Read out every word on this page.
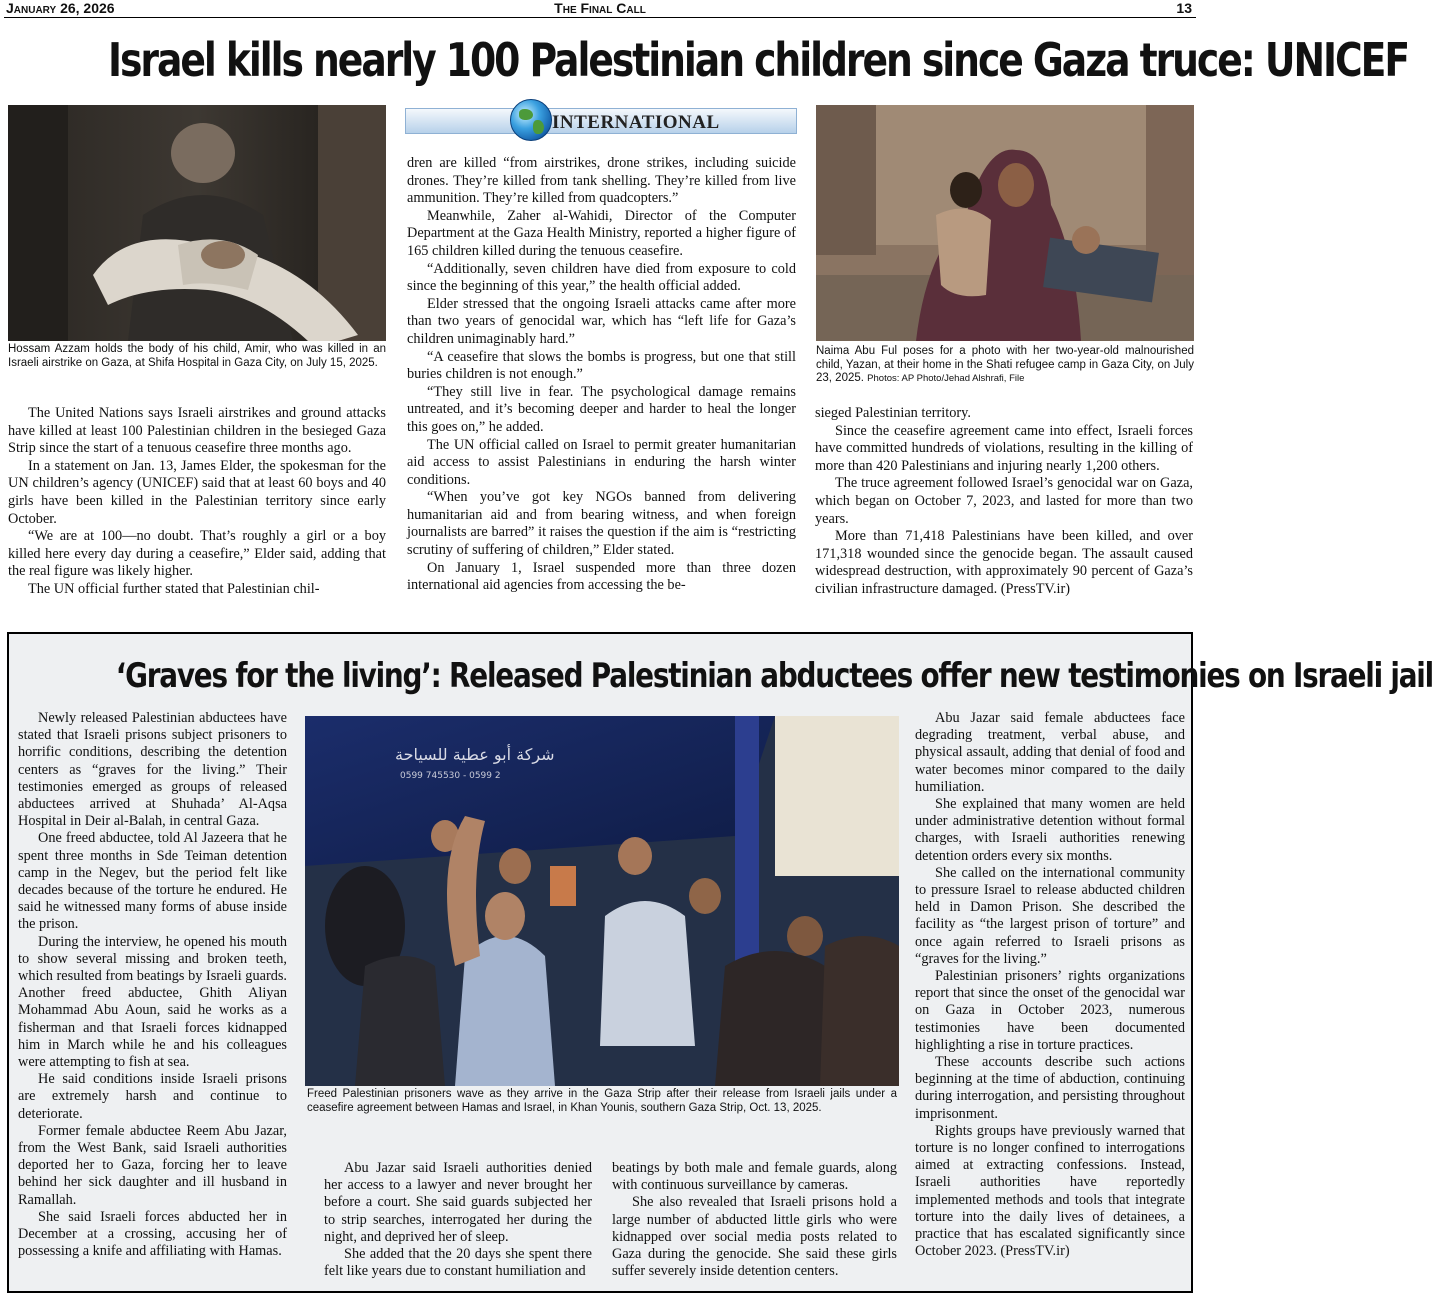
January 26, 2026	The Final Call	13
Israel kills nearly 100 Palestinian children since Gaza truce: UNICEF
Hossam Azzam holds the body of his child, Amir, who was killed in an Israeli airstrike on Gaza, at Shifa Hospital in Gaza City, on July 15, 2025.
INTERNATIONAL
Naima Abu Ful poses for a photo with her two-year-old malnourished child, Yazan, at their home in the Shati refugee camp in Gaza City, on July 23, 2025. Photos: AP Photo/Jehad Alshrafi, File

The United Nations says Israeli airstrikes and ground attacks have killed at least 100 Palestinian children in the besieged Gaza Strip since the start of a tenuous ceasefire three months ago.

In a statement on Jan. 13, James Elder, the spokesman for the UN children’s agency (UNICEF) said that at least 60 boys and 40 girls have been killed in the Palestinian territory since early October.

“We are at 100—no doubt. That’s roughly a girl or a boy killed here every day during a ceasefire,” Elder said, adding that the real figure was likely higher.

The UN official further stated that Palestinian chil-

dren are killed “from airstrikes, drone strikes, including suicide drones. They’re killed from tank shelling. They’re killed from live ammunition. They’re killed from quadcopters.”

Meanwhile, Zaher al-Wahidi, Director of the Computer Department at the Gaza Health Ministry, reported a higher figure of 165 children killed during the tenuous ceasefire.

“Additionally, seven children have died from exposure to cold since the beginning of this year,” the health official added.

Elder stressed that the ongoing Israeli attacks came after more than two years of genocidal war, which has “left life for Gaza’s children unimaginably hard.”

“A ceasefire that slows the bombs is progress, but one that still buries children is not enough.”

“They still live in fear. The psychological damage remains untreated, and it’s becoming deeper and harder to heal the longer this goes on,” he added.

The UN official called on Israel to permit greater humanitarian aid access to assist Palestinians in enduring the harsh winter conditions.

“When you’ve got key NGOs banned from delivering humanitarian aid and from bearing witness, and when foreign journalists are barred” it raises the question if the aim is “restricting scrutiny of suffering of children,” Elder stated.

On January 1, Israel suspended more than three dozen international aid agencies from accessing the be-

sieged Palestinian territory.

Since the ceasefire agreement came into effect, Israeli forces have committed hundreds of violations, resulting in the killing of more than 420 Palestinians and injuring nearly 1,200 others.

The truce agreement followed Israel’s genocidal war on Gaza, which began on October 7, 2023, and lasted for more than two years.

More than 71,418 Palestinians have been killed, and over 171,318 wounded since the genocide began. The assault caused widespread destruction, with approximately 90 percent of Gaza’s civilian infrastructure damaged. (PressTV.ir)

‘Graves for the living’: Released Palestinian abductees offer new testimonies on Israeli jail

Newly released Palestinian abductees have stated that Israeli prisons subject prisoners to horrific conditions, describing the detention centers as “graves for the living.” Their testimonies emerged as groups of released abductees arrived at Shuhada’ Al-Aqsa Hospital in Deir al-Balah, in central Gaza.

One freed abductee, told Al Jazeera that he spent three months in Sde Teiman detention camp in the Negev, but the period felt like decades because of the torture he endured. He said he witnessed many forms of abuse inside the prison.

During the interview, he opened his mouth to show several missing and broken teeth, which resulted from beatings by Israeli guards. Another freed abductee, Ghith Aliyan Mohammad Abu Aoun, said he works as a fisherman and that Israeli forces kidnapped him in March while he and his colleagues were attempting to fish at sea.

He said conditions inside Israeli prisons are extremely harsh and continue to deteriorate.

Former female abductee Reem Abu Jazar, from the West Bank, said Israeli authorities deported her to Gaza, forcing her to leave behind her sick daughter and ill husband in Ramallah.

She said Israeli forces abducted her in December at a crossing, accusing her of possessing a knife and affiliating with Hamas.

شركة أبو عطية للسياحة
0599 745530 - 0599 2
Freed Palestinian prisoners wave as they arrive in the Gaza Strip after their release from Israeli jails under a ceasefire agreement between Hamas and Israel, in Khan Younis, southern Gaza Strip, Oct. 13, 2025.

Abu Jazar said Israeli authorities denied her access to a lawyer and never brought her before a court. She said guards subjected her to strip searches, interrogated her during the night, and deprived her of sleep.

She added that the 20 days she spent there felt like years due to constant humiliation and

beatings by both male and female guards, along with continuous surveillance by cameras.

She also revealed that Israeli prisons hold a large number of abducted little girls who were kidnapped over social media posts related to Gaza during the genocide. She said these girls suffer severely inside detention centers.

Abu Jazar said female abductees face degrading treatment, verbal abuse, and physical assault, adding that denial of food and water becomes minor compared to the daily humiliation.

She explained that many women are held under administrative detention without formal charges, with Israeli authorities renewing detention orders every six months.

She called on the international community to pressure Israel to release abducted children held in Damon Prison. She described the facility as “the largest prison of torture” and once again referred to Israeli prisons as “graves for the living.”

Palestinian prisoners’ rights organizations report that since the onset of the genocidal war on Gaza in October 2023, numerous testimonies have been documented highlighting a rise in torture practices.

These accounts describe such actions beginning at the time of abduction, continuing during interrogation, and persisting throughout imprisonment.

Rights groups have previously warned that torture is no longer confined to interrogations aimed at extracting confessions. Instead, Israeli authorities have reportedly implemented methods and tools that integrate torture into the daily lives of detainees, a practice that has escalated significantly since October 2023. (PressTV.ir)
